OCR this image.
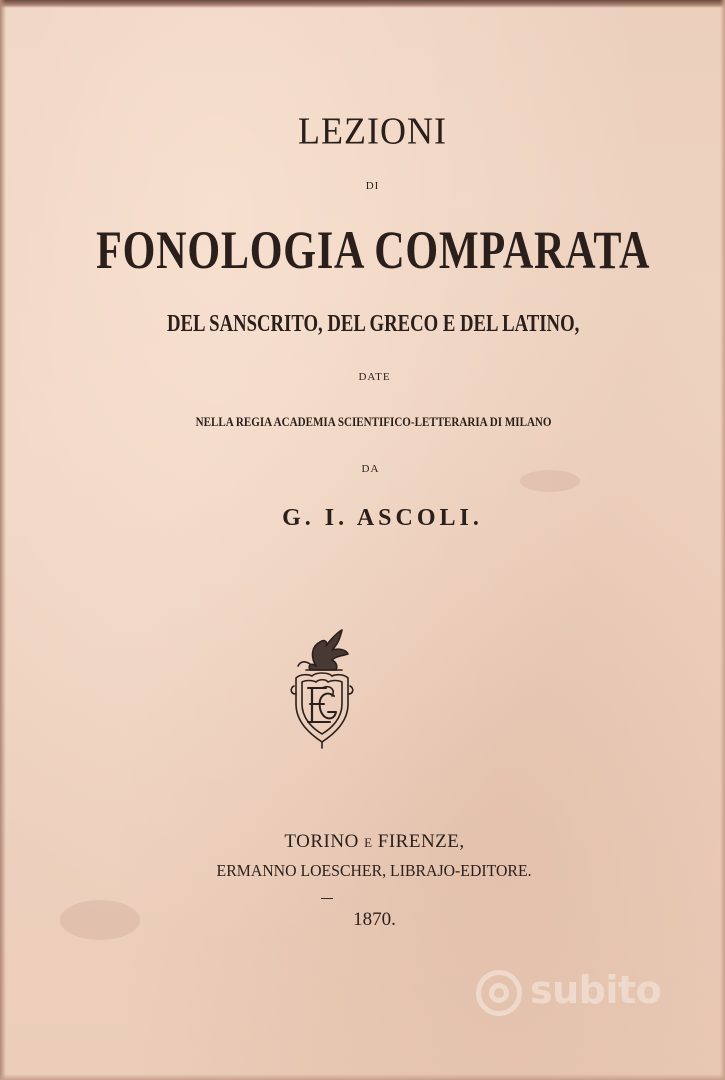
LEZIONI
DI
FONOLOGIA COMPARATA
DEL SANSCRITO, DEL GRECO E DEL LATINO,
DATE
NELLA REGIA ACADEMIA SCIENTIFICO-LETTERARIA DI MILANO
DA
G. I. ASCOLI.
TORINO E FIRENZE,
ERMANNO LOESCHER, LIBRAJO-EDITORE.
1870.
subito
